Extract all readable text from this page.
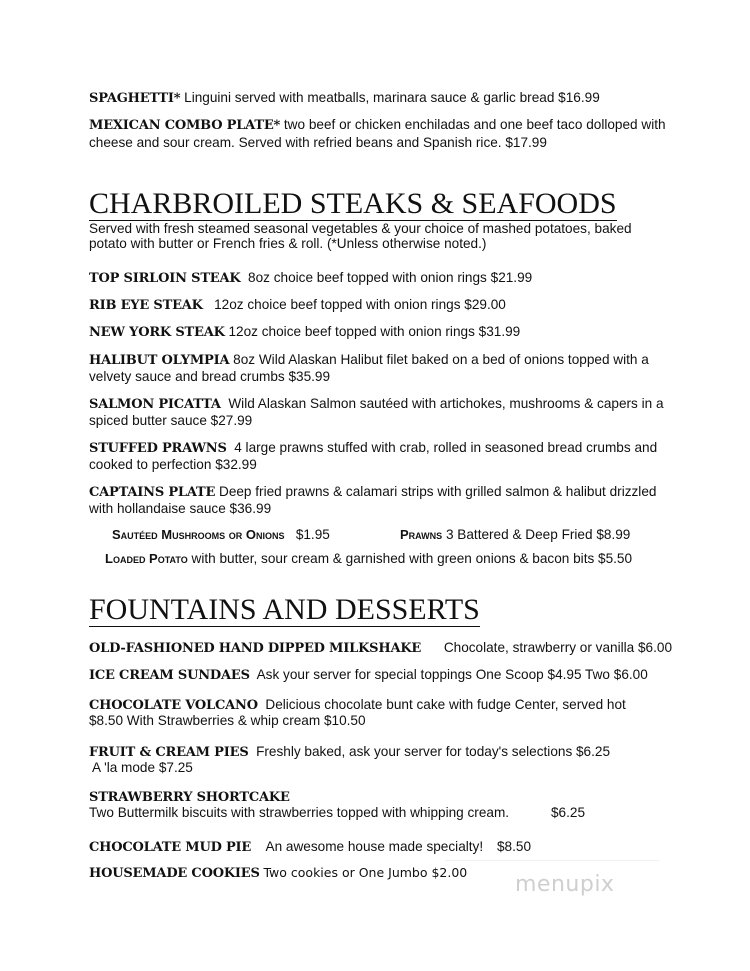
SPAGHETTI* Linguini served with meatballs, marinara sauce & garlic bread $16.99
MEXICAN COMBO PLATE* two beef or chicken enchiladas and one beef taco dolloped with
cheese and sour cream. Served with refried beans and Spanish rice. $17.99
CHARBROILED STEAKS & SEAFOODS
Served with fresh steamed seasonal vegetables & your choice of mashed potatoes, baked
potato with butter or French fries & roll. (*Unless otherwise noted.)
TOP SIRLOIN STEAK 8oz choice beef topped with onion rings $21.99
RIB EYE STEAK 12oz choice beef topped with onion rings $29.00
NEW YORK STEAK 12oz choice beef topped with onion rings $31.99
HALIBUT OLYMPIA 8oz Wild Alaskan Halibut filet baked on a bed of onions topped with a
velvety sauce and bread crumbs $35.99
SALMON PICATTA Wild Alaskan Salmon sautéed with artichokes, mushrooms & capers in a
spiced butter sauce $27.99
STUFFED PRAWNS 4 large prawns stuffed with crab, rolled in seasoned bread crumbs and
cooked to perfection $32.99
CAPTAINS PLATE Deep fried prawns & calamari strips with grilled salmon & halibut drizzled
with hollandaise sauce $36.99
Sautéed Mushrooms or Onions $1.95	Prawns 3 Battered & Deep Fried $8.99
Loaded Potato with butter, sour cream & garnished with green onions & bacon bits $5.50
FOUNTAINS AND DESSERTS
OLD-FASHIONED HAND DIPPED MILKSHAKE Chocolate, strawberry or vanilla $6.00
ICE CREAM SUNDAES Ask your server for special toppings One Scoop $4.95 Two $6.00
CHOCOLATE VOLCANO Delicious chocolate bunt cake with fudge Center, served hot
$8.50 With Strawberries & whip cream $10.50
FRUIT & CREAM PIES Freshly baked, ask your server for today's selections $6.25
A 'la mode $7.25
STRAWBERRY SHORTCAKE
Two Buttermilk biscuits with strawberries topped with whipping cream.	$6.25
CHOCOLATE MUD PIE An awesome house made specialty! $8.50
HOUSEMADE COOKIES Two cookies or One Jumbo $2.00 menupix
